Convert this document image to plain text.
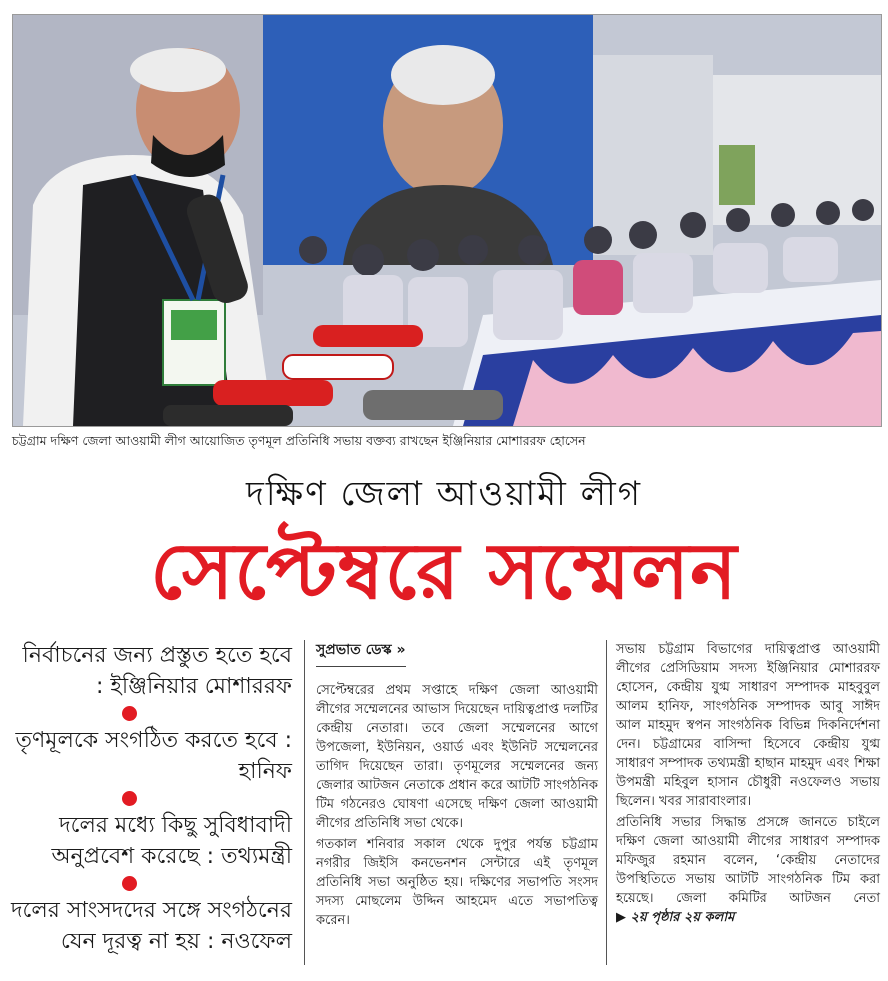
চট্টগ্রাম দক্ষিণ জেলা আওয়ামী লীগ আয়োজিত তৃণমূল প্রতিনিধি সভায় বক্তব্য রাখছেন ইঞ্জিনিয়ার মোশাররফ হোসেন
দক্ষিণ জেলা আওয়ামী লীগ
সেপ্টেম্বরে সম্মেলন
নির্বাচনের জন্য প্রস্তুত হতে হবে : ইঞ্জিনিয়ার মোশাররফ
তৃণমূলকে সংগঠিত করতে হবে : হানিফ
দলের মধ্যে কিছু সুবিধাবাদী অনুপ্রবেশ করেছে : তথ্যমন্ত্রী
দলের সাংসদদের সঙ্গে সংগঠনের যেন দূরত্ব না হয় : নওফেল
সুপ্রভাত ডেস্ক »

সেপ্টেম্বরের প্রথম সপ্তাহে দক্ষিণ জেলা আওয়ামী লীগের সম্মেলনের আভাস দিয়েছেন দায়িত্বপ্রাপ্ত দলটির কেন্দ্রীয় নেতারা। তবে জেলা সম্মেলনের আগে উপজেলা, ইউনিয়ন, ওয়ার্ড এবং ইউনিট সম্মেলনের তাগিদ দিয়েছেন তারা। তৃণমূলের সম্মেলনের জন্য জেলার আটজন নেতাকে প্রধান করে আটটি সাংগঠনিক টিম গঠনেরও ঘোষণা এসেছে দক্ষিণ জেলা আওয়ামী লীগের প্রতিনিধি সভা থেকে।

গতকাল শনিবার সকাল থেকে দুপুর পর্যন্ত চট্টগ্রাম নগরীর জিইসি কনভেনশন সেন্টারে এই তৃণমূল প্রতিনিধি সভা অনুষ্ঠিত হয়। দক্ষিণের সভাপতি সংসদ সদস্য মোছলেম উদ্দিন আহমেদ এতে সভাপতিত্ব করেন।

সভায় চট্টগ্রাম বিভাগের দায়িত্বপ্রাপ্ত আওয়ামী লীগের প্রেসিডিয়াম সদস্য ইঞ্জিনিয়ার মোশাররফ হোসেন, কেন্দ্রীয় যুগ্ম সাধারণ সম্পাদক মাহবুবুল আলম হানিফ, সাংগঠনিক সম্পাদক আবু সাঈদ আল মাহমুদ স্বপন সাংগঠনিক বিভিন্ন দিকনির্দেশনা দেন। চট্টগ্রামের বাসিন্দা হিসেবে কেন্দ্রীয় যুগ্ম সাধারণ সম্পাদক তথ্যমন্ত্রী হাছান মাহমুদ এবং শিক্ষা উপমন্ত্রী মহিবুল হাসান চৌধুরী নওফেলও সভায় ছিলেন। খবর সারাবাংলার।

প্রতিনিধি সভার সিদ্ধান্ত প্রসঙ্গে জানতে চাইলে দক্ষিণ জেলা আওয়ামী লীগের সাধারণ সম্পাদক মফিজুর রহমান বলেন, ‘কেন্দ্রীয় নেতাদের উপস্থিতিতে সভায় আটটি সাংগঠনিক টিম করা হয়েছে। জেলা কমিটির আটজন নেতা ▶ ২য় পৃষ্ঠার ২য় কলাম
